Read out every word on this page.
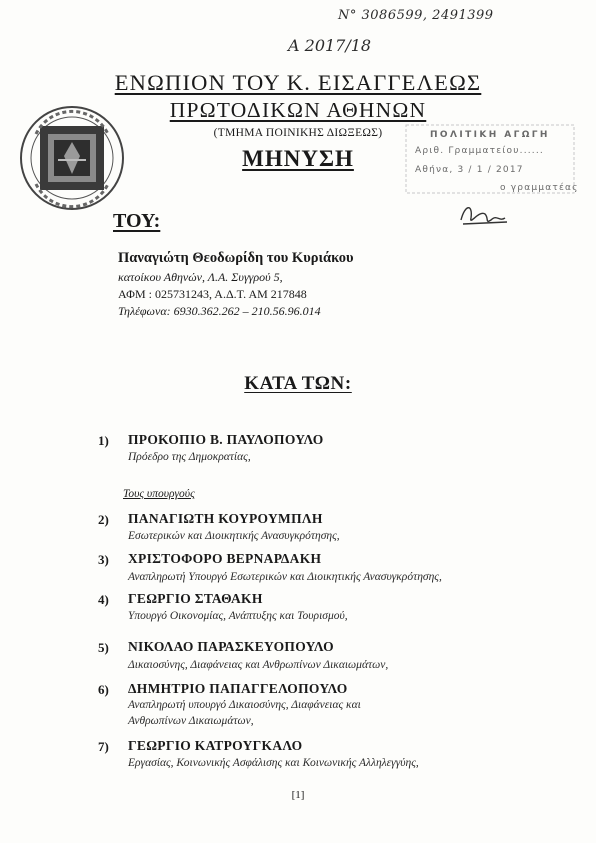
Ν° 3086599, 2491399
Α 2017/18
ΕΝΩΠΙΟΝ ΤΟΥ Κ. ΕΙΣΑΓΓΕΛΕΩΣ
ΠΡΩΤΟΔΙΚΩΝ ΑΘΗΝΩΝ
(ΤΜΗΜΑ ΠΟΙΝΙΚΗΣ ΔΙΩΞΕΩΣ)
ΜΗΝΥΣΗ
ΠΟΛΙΤΙΚΗ ΑΓΩΓΗ
Αριθ. Γραμματείου......
Αθήνα, 3 / 1 / 2017
ο γραμματέας
ΤΟΥ:
Παναγιώτη Θεοδωρίδη του Κυριάκου
κατοίκου Αθηνών, Λ.Α. Συγγρού 5,
ΑΦΜ : 025731243, Α.Δ.Τ. ΑΜ 217848
Τηλέφωνα: 6930.362.262 – 210.56.96.014
ΚΑΤΑ ΤΩΝ:
1) ΠΡΟΚΟΠΙΟ Β. ΠΑΥΛΟΠΟΥΛΟ
Πρόεδρο της Δημοκρατίας,
Τους υπουργούς
2) ΠΑΝΑΓΙΩΤΗ ΚΟΥΡΟΥΜΠΛΗ
Εσωτερικών και Διοικητικής Ανασυγκρότησης,
3) ΧΡΙΣΤΟΦΟΡΟ ΒΕΡΝΑΡΔΑΚΗ
Αναπληρωτή Υπουργό Εσωτερικών και Διοικητικής Ανασυγκρότησης,
4) ΓΕΩΡΓΙΟ ΣΤΑΘΑΚΗ
Υπουργό Οικονομίας, Ανάπτυξης και Τουρισμού,
5) ΝΙΚΟΛΑΟ ΠΑΡΑΣΚΕΥΟΠΟΥΛΟ
Δικαιοσύνης, Διαφάνειας και Ανθρωπίνων Δικαιωμάτων,
6) ΔΗΜΗΤΡΙΟ ΠΑΠΑΓΓΕΛΟΠΟΥΛΟ
Αναπληρωτή υπουργό Δικαιοσύνης, Διαφάνειας και
Ανθρωπίνων Δικαιωμάτων,
7) ΓΕΩΡΓΙΟ ΚΑΤΡΟΥΓΚΑΛΟ
Εργασίας, Κοινωνικής Ασφάλισης και Κοινωνικής Αλληλεγγύης,
[1]
